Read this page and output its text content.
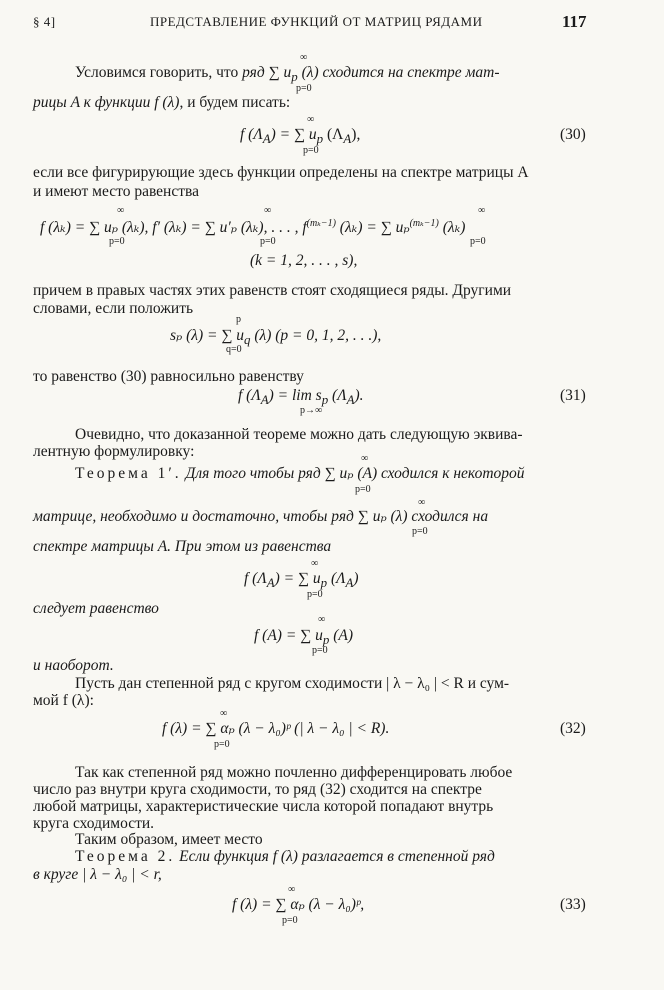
§ 4]	ПРЕДСТАВЛЕНИЕ ФУНКЦИЙ ОТ МАТРИЦ РЯДАМИ	117
Условимся говорить, что ряд ∑ $u_p$ (λ) сходится на спектре мат-
∞
p=0
рицы A к функции f (λ), и будем писать:
f $(\Lambda_A)$ = ∑ $u_p$ $(\Lambda_A)$,
∞
p=0
(30)
если все фигурирующие здесь функции определены на спектре матрицы A
и имеют место равенства
f (λₖ) = ∑ uₚ (λₖ), f′ (λₖ) = ∑ u′ₚ (λₖ), . . . , $f^{(m_k-1)}$ (λₖ) = ∑ uₚ$^{(m_k-1)}$ (λₖ)
∞
p=0
∞
p=0
∞
p=0
(k = 1, 2, . . . , s),
причем в правых частях этих равенств стоят сходящиеся ряды. Другими
словами, если положить
sₚ (λ) = ∑ $u_q$ (λ) (p = 0, 1, 2, . . .),
p
q=0
то равенство (30) равносильно равенству
f $(\Lambda_A) = \lim s_p$ $(\Lambda_A)$.
p→∞
(31)
Очевидно, что доказанной теореме можно дать следующую эквива-
лентную формулировку:
Теорема 1′. Для того чтобы ряд ∑ uₚ (A) сходился к некоторой
∞
p=0
матрице, необходимо и достаточно, чтобы ряд ∑ uₚ (λ) сходился на
∞
p=0
спектре матрицы A. При этом из равенства
f $(\Lambda_A)$ = ∑ $u_p$ $(\Lambda_A)$
∞
p=0
следует равенство
f (A) = ∑ $u_p$ (A)
∞
p=0
и наоборот.
Пусть дан степенной ряд с кругом сходимости | λ − λ₀ | < R и сум-
мой f (λ):
f (λ) = ∑ αₚ (λ − λ₀)ᵖ (| λ − λ₀ | < R).
∞
p=0
(32)
Так как степенной ряд можно почленно дифференцировать любое
число раз внутри круга сходимости, то ряд (32) сходится на спектре
любой матрицы, характеристические числа которой попадают внутрь
круга сходимости.
Таким образом, имеет место
Теорема 2. Если функция f (λ) разлагается в степенной ряд
в круге | λ − λ₀ | < r,
f (λ) = ∑ αₚ (λ − λ₀)ᵖ,
∞
p=0
(33)
